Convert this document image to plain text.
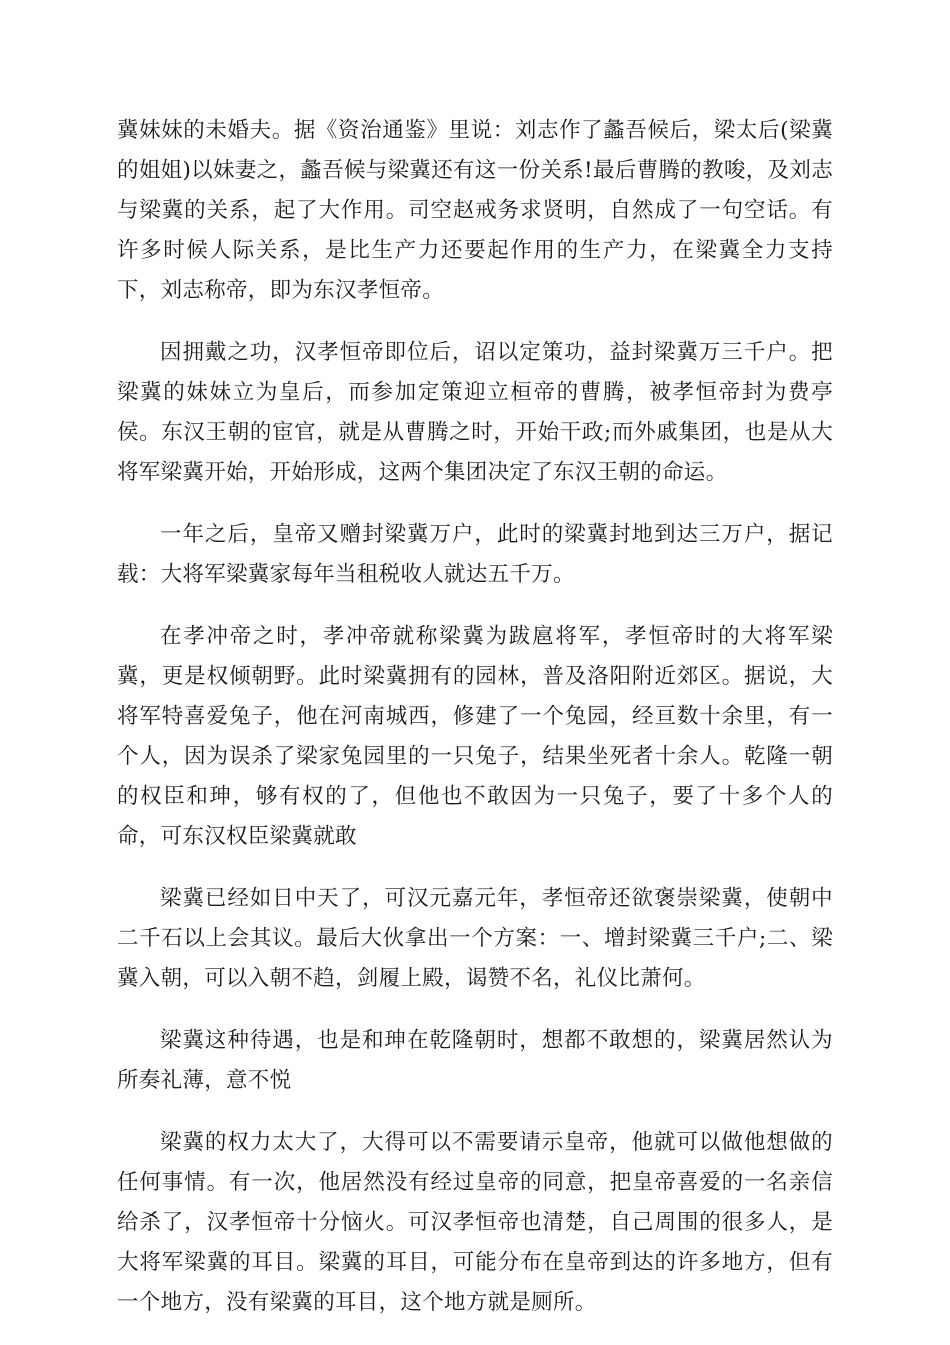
冀妹妹的未婚夫。据《资治通鉴》里说：刘志作了蠡吾候后，梁太后(梁冀的姐姐)以妹妻之，蠡吾候与梁冀还有这一份关系!最后曹腾的教唆，及刘志与梁冀的关系，起了大作用。司空赵戒务求贤明，自然成了一句空话。有许多时候人际关系，是比生产力还要起作用的生产力，在梁冀全力支持下，刘志称帝，即为东汉孝恒帝。

因拥戴之功，汉孝恒帝即位后，诏以定策功，益封梁冀万三千户。把梁冀的妹妹立为皇后，而参加定策迎立桓帝的曹腾，被孝恒帝封为费亭侯。东汉王朝的宦官，就是从曹腾之时，开始干政;而外戚集团，也是从大将军梁冀开始，开始形成，这两个集团决定了东汉王朝的命运。

一年之后，皇帝又赠封梁冀万户，此时的梁冀封地到达三万户，据记载：大将军梁冀家每年当租税收人就达五千万。

在孝冲帝之时，孝冲帝就称梁冀为跋扈将军，孝恒帝时的大将军梁冀，更是权倾朝野。此时梁冀拥有的园林，普及洛阳附近郊区。据说，大将军特喜爱兔子，他在河南城西，修建了一个兔园，经亘数十余里，有一个人，因为误杀了梁家兔园里的一只兔子，结果坐死者十余人。乾隆一朝的权臣和珅，够有权的了，但他也不敢因为一只兔子，要了十多个人的命，可东汉权臣梁冀就敢

梁冀已经如日中天了，可汉元嘉元年，孝恒帝还欲褒崇梁冀，使朝中二千石以上会其议。最后大伙拿出一个方案：一、增封梁冀三千户;二、梁冀入朝，可以入朝不趋，剑履上殿，谒赞不名，礼仪比萧何。

梁冀这种待遇，也是和珅在乾隆朝时，想都不敢想的，梁冀居然认为所奏礼薄，意不悦

梁冀的权力太大了，大得可以不需要请示皇帝，他就可以做他想做的任何事情。有一次，他居然没有经过皇帝的同意，把皇帝喜爱的一名亲信给杀了，汉孝恒帝十分恼火。可汉孝恒帝也清楚，自己周围的很多人，是大将军梁冀的耳目。梁冀的耳目，可能分布在皇帝到达的许多地方，但有一个地方，没有梁冀的耳目，这个地方就是厕所。
